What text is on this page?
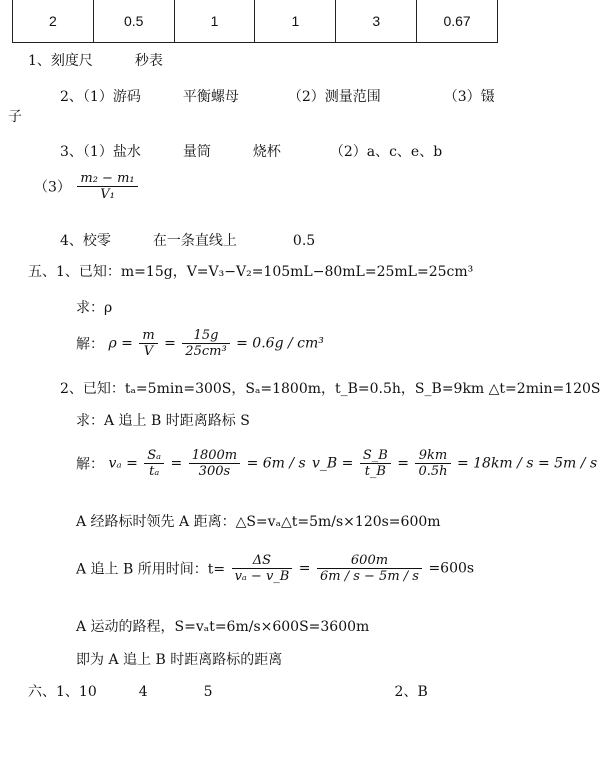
2	0.5	1	1	3	0.67
1、刻度尺　　　秒表
2、（1）游码　　　平衡螺母　　　　（2）测量范围　　　　　（3）镊
子
3、（1）盐水　　　量筒　　　烧杯　　　　（2）a、c、e、b
$(3) \frac{\text{m₂ − m₁}}{\text{V₁}}$
4、校零　　　在一条直线上　　　　0.5
五、1、已知：m=15g，V=V₃−V₂=105mL−80mL=25mL=25cm³
求：ρ
解： $\rho = \frac{m}{V} = \frac{15g}{\text{25cm³}} = 0.6g / cm^3$
2、已知：tₐ=5min=300S，Sₐ=1800m，t_B=0.5h，S_B=9km △t=2min=120S
求：A 追上 B 时距离路标 S
解： $v_a = \frac{\text{Sₐ}}{\text{tₐ}} = \frac{1800m}{300s} = 6m / s$ v_B = $\frac{S\_B}{t\_B} = \frac{9km}{0.5h} = 18km / s = 5m / s$
A 经路标时领先 A 距离：△S=vₐ△t=5m/s×120s=600m
A 追上 B 所用时间：$t= \frac{\Delta S}{\text{vₐ − v\_B}} = \frac{600m}{6m / s - 5m / s} =600s$
A 运动的路程，S=vₐt=6m/s×600S=3600m
即为 A 追上 B 时距离路标的距离
六、1、10　　　4　　　　5　　　　　　　　　　　　　2、B
